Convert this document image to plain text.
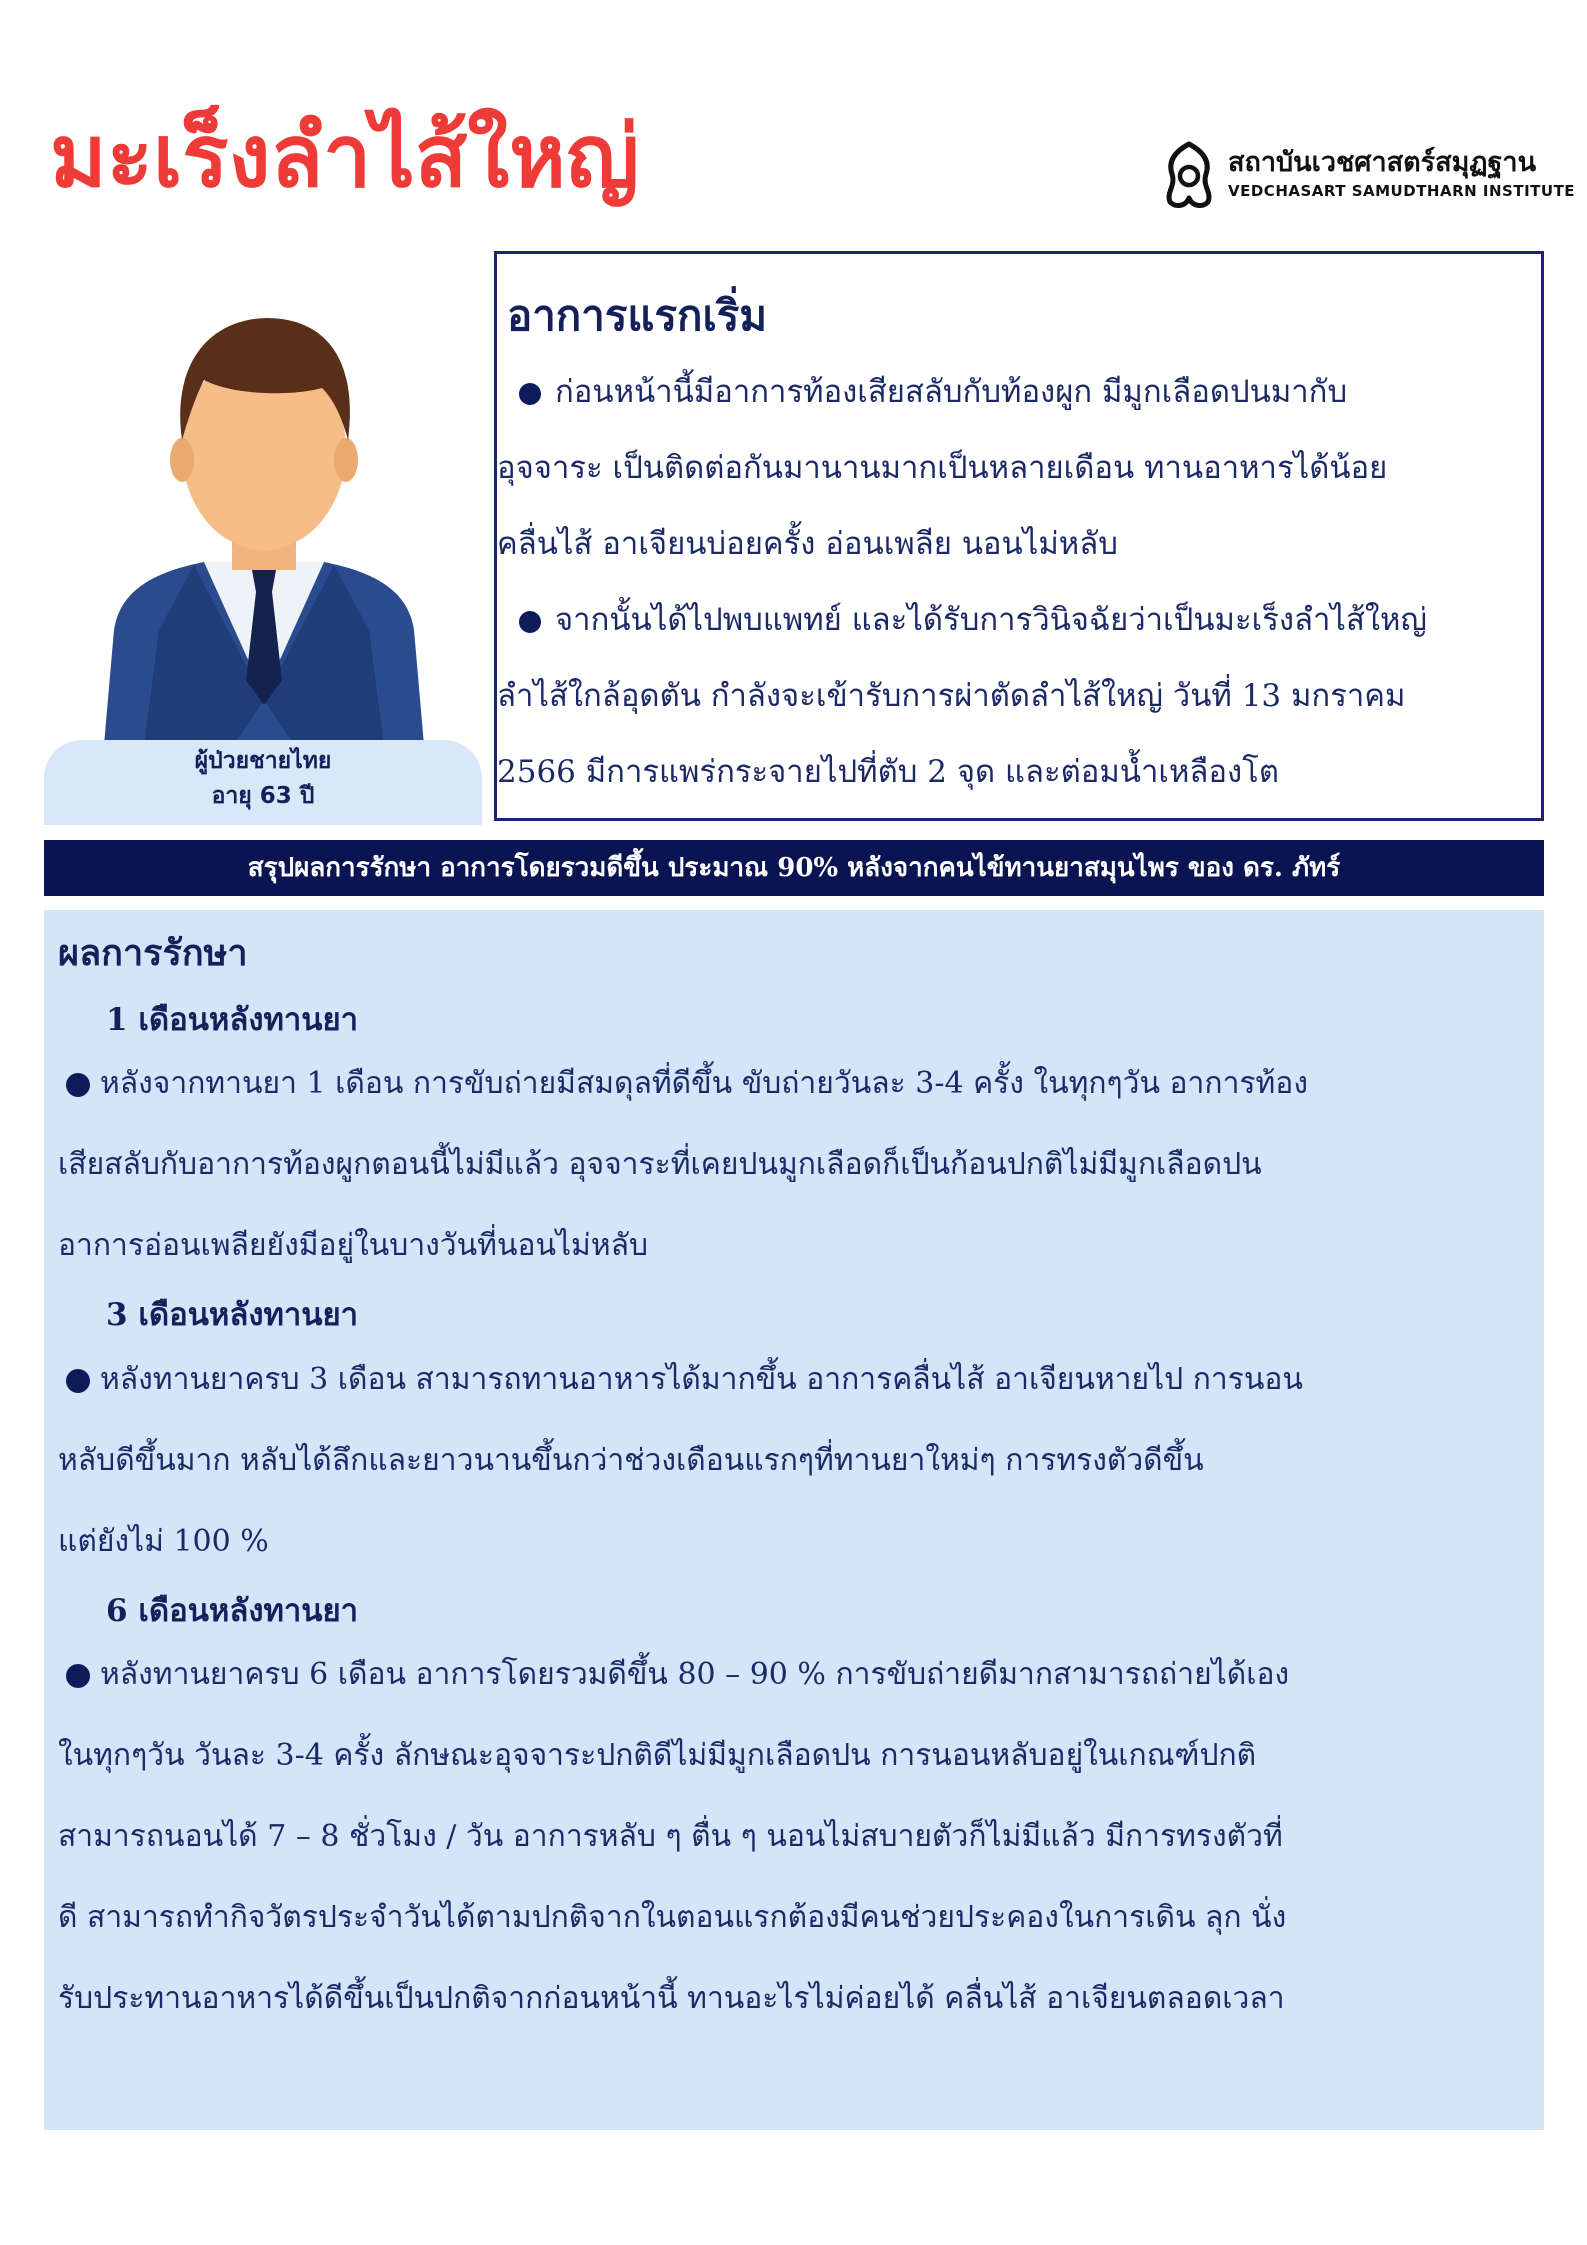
มะเร็งลำไส้ใหญ่	สถาบันเวชศาสตร์สมุฏฐาน
VEDCHASART SAMUDTHARN INSTITUTE
ผู้ป่วยชายไทย
อายุ 63 ปี
อาการแรกเริ่ม

ก่อนหน้านี้มีอาการท้องเสียสลับกับท้องผูก มีมูกเลือดปนมากับ
อุจจาระ เป็นติดต่อกันมานานมากเป็นหลายเดือน ทานอาหารได้น้อย
คลื่นไส้ อาเจียนบ่อยครั้ง อ่อนเพลีย นอนไม่หลับ

จากนั้นได้ไปพบแพทย์ และได้รับการวินิจฉัยว่าเป็นมะเร็งลำไส้ใหญ่
ลำไส้ใกล้อุดตัน กำลังจะเข้ารับการผ่าตัดลำไส้ใหญ่ วันที่ 13 มกราคม
2566 มีการแพร่กระจายไปที่ตับ 2 จุด และต่อมน้ำเหลืองโต

สรุปผลการรักษา อาการโดยรวมดีขึ้น ประมาณ 90% หลังจากคนไข้ทานยาสมุนไพร ของ ดร. ภัทร์
ผลการรักษา
1 เดือนหลังทานยา

หลังจากทานยา 1 เดือน การขับถ่ายมีสมดุลที่ดีขึ้น ขับถ่ายวันละ 3-4 ครั้ง ในทุกๆวัน อาการท้อง
เสียสลับกับอาการท้องผูกตอนนี้ไม่มีแล้ว อุจจาระที่เคยปนมูกเลือดก็เป็นก้อนปกติไม่มีมูกเลือดปน
อาการอ่อนเพลียยังมีอยู่ในบางวันที่นอนไม่หลับ

3 เดือนหลังทานยา

หลังทานยาครบ 3 เดือน สามารถทานอาหารได้มากขึ้น อาการคลื่นไส้ อาเจียนหายไป การนอน
หลับดีขึ้นมาก หลับได้ลึกและยาวนานขึ้นกว่าช่วงเดือนแรกๆที่ทานยาใหม่ๆ การทรงตัวดีขึ้น
แต่ยังไม่ 100 %

6 เดือนหลังทานยา

หลังทานยาครบ 6 เดือน อาการโดยรวมดีขึ้น 80 – 90 % การขับถ่ายดีมากสามารถถ่ายได้เอง
ในทุกๆวัน วันละ 3-4 ครั้ง ลักษณะอุจจาระปกติดีไม่มีมูกเลือดปน การนอนหลับอยู่ในเกณฑ์ปกติ
สามารถนอนได้ 7 – 8 ชั่วโมง / วัน อาการหลับ ๆ ตื่น ๆ นอนไม่สบายตัวก็ไม่มีแล้ว มีการทรงตัวที่
ดี สามารถทำกิจวัตรประจำวันได้ตามปกติจากในตอนแรกต้องมีคนช่วยประคองในการเดิน ลุก นั่ง
รับประทานอาหารได้ดีขึ้นเป็นปกติจากก่อนหน้านี้ ทานอะไรไม่ค่อยได้ คลื่นไส้ อาเจียนตลอดเวลา
